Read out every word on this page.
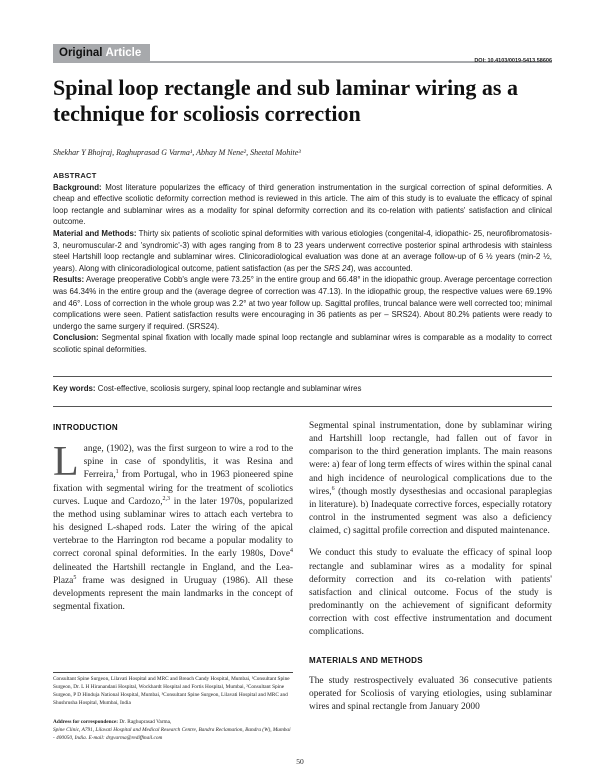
Original Article
DOI: 10.4103/0019-5413.58606
Spinal loop rectangle and sub laminar wiring as a technique for scoliosis correction
Shekhar Y Bhojraj, Raghuprasad G Varma¹, Abhay M Nene², Sheetal Mohite³
ABSTRACT

Background: Most literature popularizes the efficacy of third generation instrumentation in the surgical correction of spinal deformities. A cheap and effective scoliotic deformity correction method is reviewed in this article. The aim of this study is to evaluate the efficacy of spinal loop rectangle and sublaminar wires as a modality for spinal deformity correction and its co-relation with patients' satisfaction and clinical outcome.

Material and Methods: Thirty six patients of scoliotic spinal deformities with various etiologies (congenital-4, idiopathic- 25, neurofibromatosis-3, neuromuscular-2 and 'syndromic'-3) with ages ranging from 8 to 23 years underwent corrective posterior spinal arthrodesis with stainless steel Hartshill loop rectangle and sublaminar wires. Clinicoradiological evaluation was done at an average follow-up of 6 ½ years (min-2 ½, years). Along with clinicoradiological outcome, patient satisfaction (as per the SRS 24), was accounted.

Results: Average preoperative Cobb's angle were 73.25° in the entire group and 66.48° in the idiopathic group. Average percentage correction was 64.34% in the entire group and the (average degree of correction was 47.13). In the idiopathic group, the respective values were 69.19% and 46°. Loss of correction in the whole group was 2.2° at two year follow up. Sagittal profiles, truncal balance were well corrected too; minimal complications were seen. Patient satisfaction results were encouraging in 36 patients as per – SRS24). About 80.2% patients were ready to undergo the same surgery if required. (SRS24).

Conclusion: Segmental spinal fixation with locally made spinal loop rectangle and sublaminar wires is comparable as a modality to correct scoliotic spinal deformities.

Key words: Cost-effective, scoliosis surgery, spinal loop rectangle and sublaminar wires
INTRODUCTION

Lange, (1902), was the first surgeon to wire a rod to the spine in case of spondylitis, it was Resina and Ferreira,$^1$ from Portugal, who in 1963 pioneered spine fixation with segmental wiring for the treatment of scoliotics curves. Luque and Cardozo,$^{2,3}$ in the later 1970s, popularized the method using sublaminar wires to attach each vertebra to his designed L-shaped rods. Later the wiring of the apical vertebrae to the Harrington rod became a popular modality to correct coronal spinal deformities. In the early 1980s, Dove$^4$ delineated the Hartshill rectangle in England, and the Lea-Plaza$^5$ frame was designed in Uruguay (1986). All these developments represent the main landmarks in the concept of segmental fixation.

Segmental spinal instrumentation, done by sublaminar wiring and Hartshill loop rectangle, had fallen out of favor in comparison to the third generation implants. The main reasons were: a) fear of long term effects of wires within the spinal canal and high incidence of neurological complications due to the wires,$^6$ (though mostly dysesthesias and occasional paraplegias in literature). b) Inadequate corrective forces, especially rotatory control in the instrumented segment was also a deficiency claimed, c) sagittal profile correction and disputed maintenance.

We conduct this study to evaluate the efficacy of spinal loop rectangle and sublaminar wires as a modality for spinal deformity correction and its co-relation with patients' satisfaction and clinical outcome. Focus of the study is predominantly on the achievement of significant deformity correction with cost effective instrumentation and document complications.

MATERIALS AND METHODS

The study restrospectively evaluated 36 consecutive patients operated for Scoliosis of varying etiologies, using sublaminar wires and spinal rectangle from January 2000

Consultant Spine Surgeon, Lilavati Hospital and MRC and Breach Candy Hospital, Mumbai, ¹Consultant Spine Surgeon, Dr. L H Hiranandani Hospital, Wockhardt Hospital and Fortis Hospital, Mumbai, ²Consultant Spine Surgeon, P D Hinduja National Hospital, Mumbai, ³Consultant Spine Surgeon, Lilavati Hospital and MRC and Shushrusha Hospital, Mumbai, India
Address for correspondence: Dr. Raghuprasad Varma,
Spine Clinic, A791, Lilavati Hospital and Medical Research Centre, Bandra Reclamation, Bandra (W), Mumbai - 400050, India. E-mail: drgvarma@rediffmail.com
50
